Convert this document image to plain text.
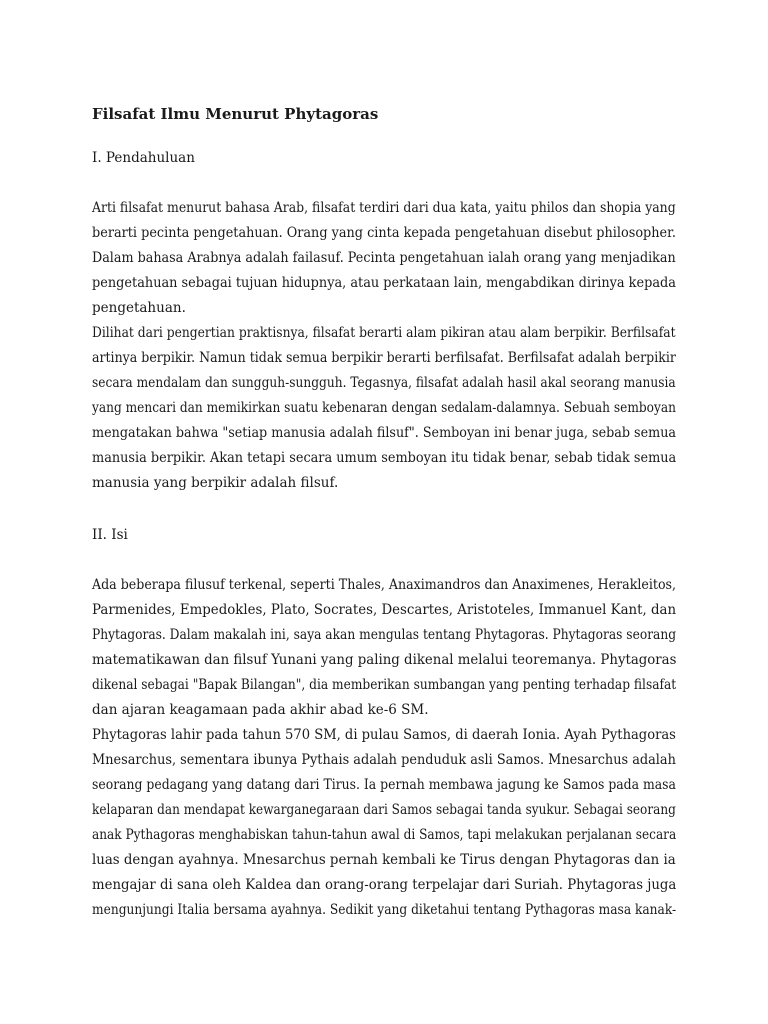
Filsafat Ilmu Menurut Phytagoras

I. Pendahuluan

Arti filsafat menurut bahasa Arab, filsafat terdiri dari dua kata, yaitu philos dan shopia yang

berarti pecinta pengetahuan. Orang yang cinta kepada pengetahuan disebut philosopher.

Dalam bahasa Arabnya adalah failasuf. Pecinta pengetahuan ialah orang yang menjadikan

pengetahuan sebagai tujuan hidupnya, atau perkataan lain, mengabdikan dirinya kepada

pengetahuan.

Dilihat dari pengertian praktisnya, filsafat berarti alam pikiran atau alam berpikir. Berfilsafat

artinya berpikir. Namun tidak semua berpikir berarti berfilsafat. Berfilsafat adalah berpikir

secara mendalam dan sungguh-sungguh. Tegasnya, filsafat adalah hasil akal seorang manusia

yang mencari dan memikirkan suatu kebenaran dengan sedalam-dalamnya. Sebuah semboyan

mengatakan bahwa "setiap manusia adalah filsuf". Semboyan ini benar juga, sebab semua

manusia berpikir. Akan tetapi secara umum semboyan itu tidak benar, sebab tidak semua

manusia yang berpikir adalah filsuf.

II. Isi

Ada beberapa filusuf terkenal, seperti Thales, Anaximandros dan Anaximenes, Herakleitos,

Parmenides, Empedokles, Plato, Socrates, Descartes, Aristoteles, Immanuel Kant, dan

Phytagoras. Dalam makalah ini, saya akan mengulas tentang Phytagoras. Phytagoras seorang

matematikawan dan filsuf Yunani yang paling dikenal melalui teoremanya. Phytagoras

dikenal sebagai "Bapak Bilangan", dia memberikan sumbangan yang penting terhadap filsafat

dan ajaran keagamaan pada akhir abad ke-6 SM.

Phytagoras lahir pada tahun 570 SM, di pulau Samos, di daerah Ionia. Ayah Pythagoras

Mnesarchus, sementara ibunya Pythais adalah penduduk asli Samos. Mnesarchus adalah

seorang pedagang yang datang dari Tirus. Ia pernah membawa jagung ke Samos pada masa

kelaparan dan mendapat kewarganegaraan dari Samos sebagai tanda syukur. Sebagai seorang

anak Pythagoras menghabiskan tahun-tahun awal di Samos, tapi melakukan perjalanan secara

luas dengan ayahnya. Mnesarchus pernah kembali ke Tirus dengan Phytagoras dan ia

mengajar di sana oleh Kaldea dan orang-orang terpelajar dari Suriah. Phytagoras juga

mengunjungi Italia bersama ayahnya. Sedikit yang diketahui tentang Pythagoras masa kanak-
